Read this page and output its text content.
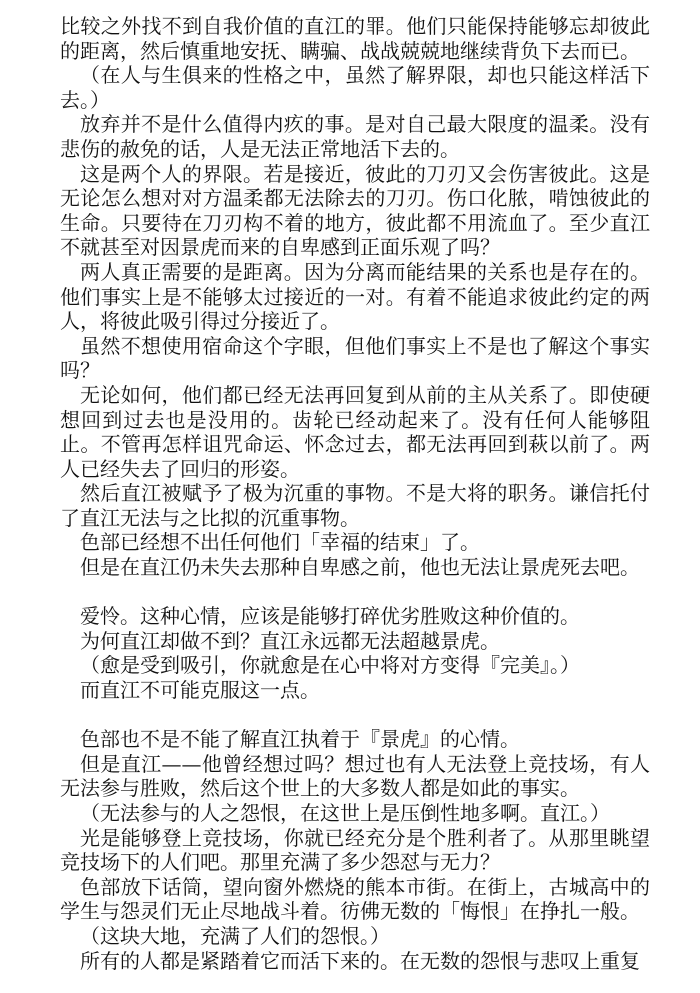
比较之外找不到自我价值的直江的罪。他们只能保持能够忘却彼此的距离，然后慎重地安抚、瞒骗、战战兢兢地继续背负下去而已。

（在人与生俱来的性格之中，虽然了解界限，却也只能这样活下去。）

放弃并不是什么值得内疚的事。是对自己最大限度的温柔。没有悲伤的赦免的话，人是无法正常地活下去的。

这是两个人的界限。若是接近，彼此的刀刃又会伤害彼此。这是无论怎么想对对方温柔都无法除去的刀刃。伤口化脓，啃蚀彼此的生命。只要待在刀刃构不着的地方，彼此都不用流血了。至少直江不就甚至对因景虎而来的自卑感到正面乐观了吗？

两人真正需要的是距离。因为分离而能结果的关系也是存在的。他们事实上是不能够太过接近的一对。有着不能追求彼此约定的两人，将彼此吸引得过分接近了。

虽然不想使用宿命这个字眼，但他们事实上不是也了解这个事实吗？

无论如何，他们都已经无法再回复到从前的主从关系了。即使硬想回到过去也是没用的。齿轮已经动起来了。没有任何人能够阻止。不管再怎样诅咒命运、怀念过去，都无法再回到萩以前了。两人已经失去了回归的形姿。

然后直江被赋予了极为沉重的事物。不是大将的职务。谦信托付了直江无法与之比拟的沉重事物。

色部已经想不出任何他们「幸福的结束」了。

但是在直江仍未失去那种自卑感之前，他也无法让景虎死去吧。

爱怜。这种心情，应该是能够打碎优劣胜败这种价值的。

为何直江却做不到？直江永远都无法超越景虎。

（愈是受到吸引，你就愈是在心中将对方变得『完美』。）

而直江不可能克服这一点。

色部也不是不能了解直江执着于『景虎』的心情。

但是直江——他曾经想过吗？想过也有人无法登上竞技场，有人无法参与胜败，然后这个世上的大多数人都是如此的事实。

（无法参与的人之怨恨，在这世上是压倒性地多啊。直江。）

光是能够登上竞技场，你就已经充分是个胜利者了。从那里眺望竞技场下的人们吧。那里充满了多少怨怼与无力？

色部放下话筒，望向窗外燃烧的熊本市街。在街上，古城高中的学生与怨灵们无止尽地战斗着。彷佛无数的「悔恨」在挣扎一般。

（这块大地，充满了人们的怨恨。）

所有的人都是紧踏着它而活下来的。在无数的怨恨与悲叹上重复
